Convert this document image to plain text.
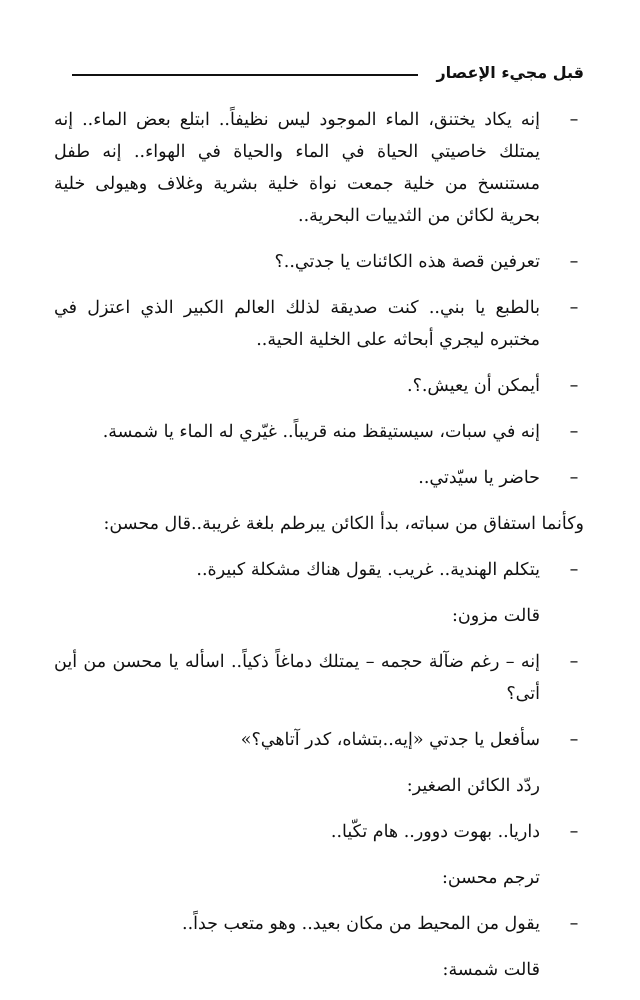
قبل مجيء الإعصار

–
إنه يكاد يختنق، الماء الموجود ليس نظيفاً.. ابتلع بعض الماء.. إنه يمتلك خاصيتي الحياة في الماء والحياة في الهواء.. إنه طفل مستنسخ من خلية جمعت نواة خلية بشرية وغلاف وهيولى خلية بحرية لكائن من الثدييات البحرية..

–
تعرفين قصة هذه الكائنات يا جدتي..؟

–
بالطبع يا بني.. كنت صديقة لذلك العالم الكبير الذي اعتزل في مختبره ليجري أبحاثه على الخلية الحية..

–
أيمكن أن يعيش.؟.

–
إنه في سبات، سيستيقظ منه قريباً.. غيّري له الماء يا شمسة.

–
حاضر يا سيّدتي..

وكأنما استفاق من سباته، بدأ الكائن يبرطم بلغة غريبة..قال محسن:

–
يتكلم الهندية.. غريب. يقول هناك مشكلة كبيرة..

قالت مزون:

–
إنه – رغم ضآلة حجمه – يمتلك دماغاً ذكياً.. اسأله يا محسن من أين أتى؟

–
سأفعل يا جدتي «إيه..بتشاه، كدر آتاهي؟»

ردّد الكائن الصغير:

–
داريا.. بهوت دوور.. هام تكّيا..

ترجم محسن:

–
يقول من المحيط من مكان بعيد.. وهو متعب جداً..

قالت شمسة:
